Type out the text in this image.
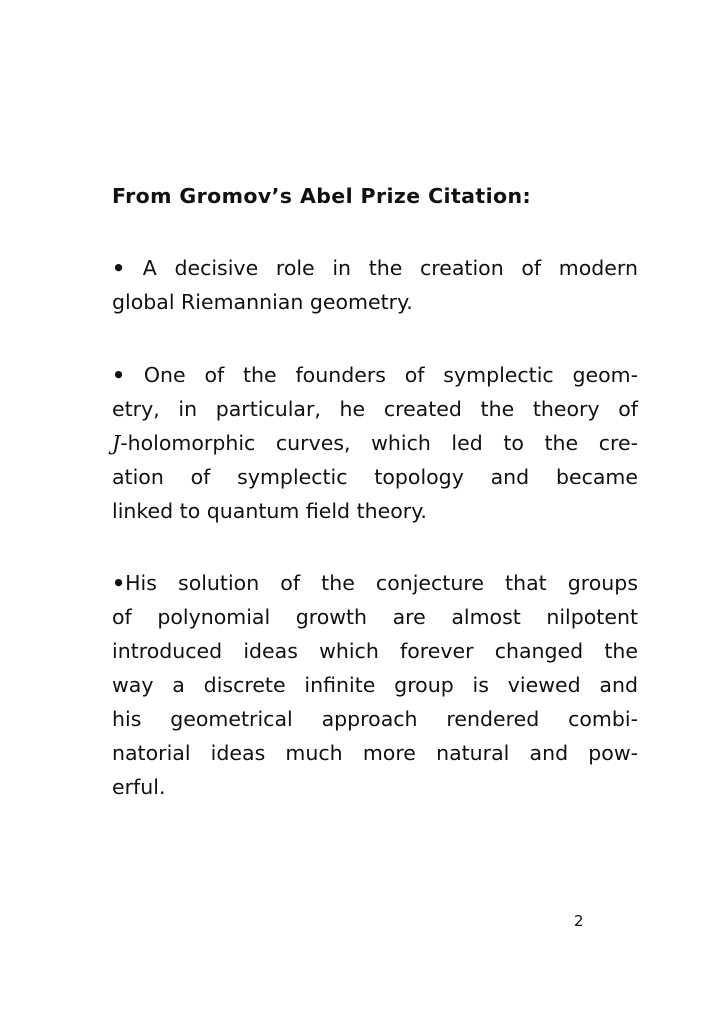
From Gromov’s Abel Prize Citation:
• A decisive role in the creation of modern
global Riemannian geometry.
• One of the founders of symplectic geom-
etry, in particular, he created the theory of
J-holomorphic curves, which led to the cre-
ation of symplectic topology and became
linked to quantum field theory.
•His solution of the conjecture that groups
of polynomial growth are almost nilpotent
introduced ideas which forever changed the
way a discrete infinite group is viewed and
his geometrical approach rendered combi-
natorial ideas much more natural and pow-
erful.
2
